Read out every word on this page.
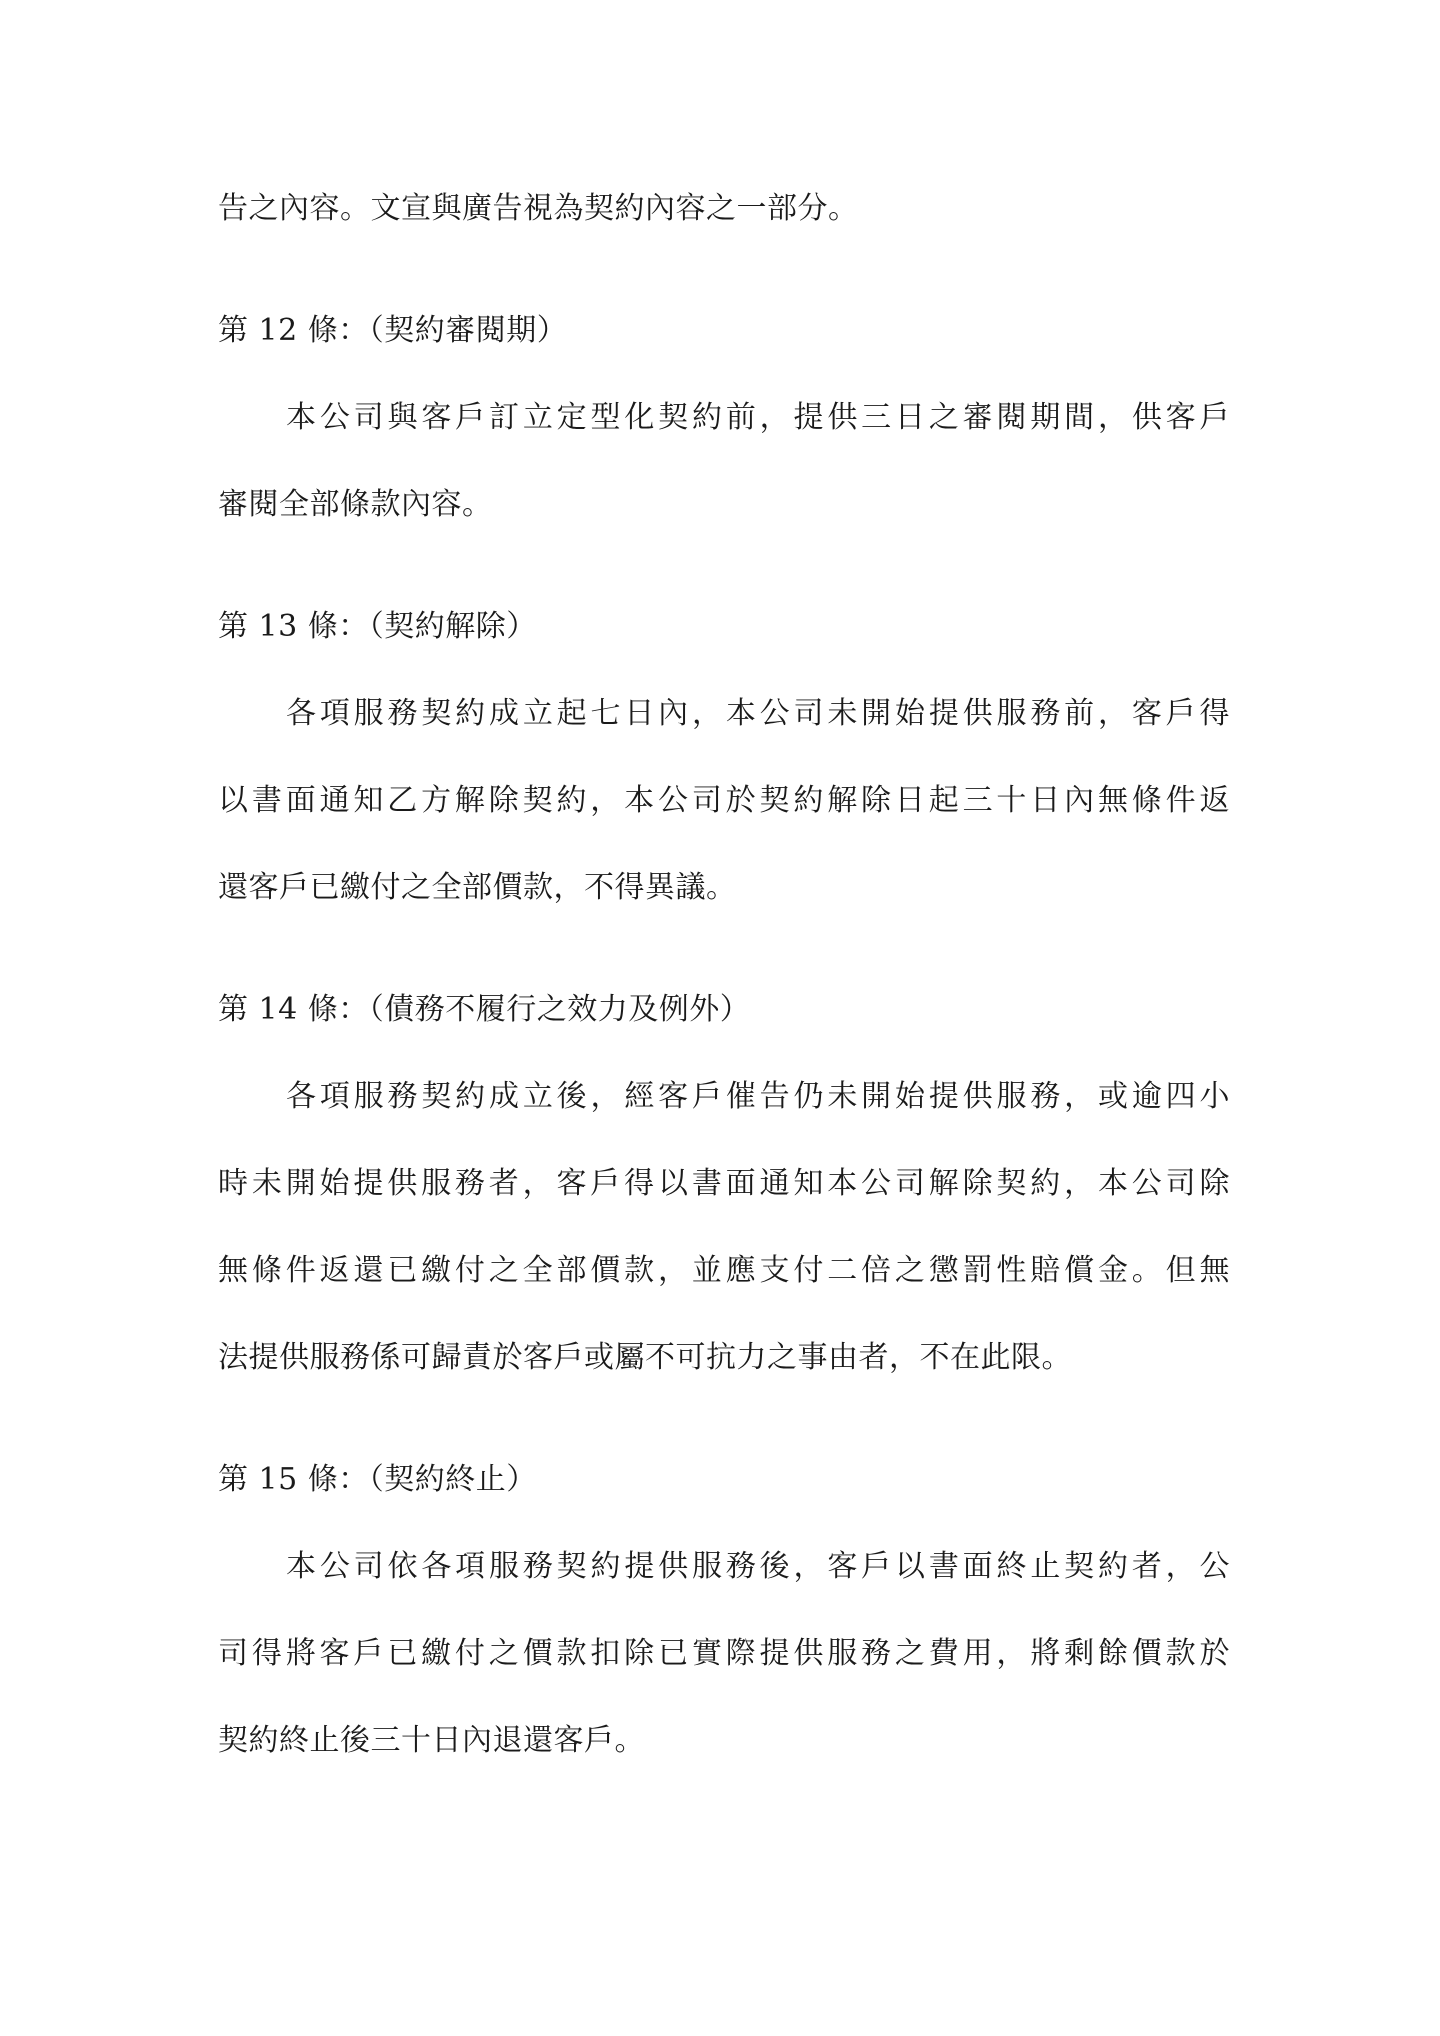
告之內容。文宣與廣告視為契約內容之一部分。

第 12 條：（契約審閱期）

本公司與客戶訂立定型化契約前，提供三日之審閱期間，供客戶

審閱全部條款內容。

第 13 條：（契約解除）

各項服務契約成立起七日內，本公司未開始提供服務前，客戶得

以書面通知乙方解除契約，本公司於契約解除日起三十日內無條件返

還客戶已繳付之全部價款，不得異議。

第 14 條：（債務不履行之效力及例外）

各項服務契約成立後，經客戶催告仍未開始提供服務，或逾四小

時未開始提供服務者，客戶得以書面通知本公司解除契約，本公司除

無條件返還已繳付之全部價款，並應支付二倍之懲罰性賠償金。但無

法提供服務係可歸責於客戶或屬不可抗力之事由者，不在此限。

第 15 條：（契約終止）

本公司依各項服務契約提供服務後，客戶以書面終止契約者，公

司得將客戶已繳付之價款扣除已實際提供服務之費用，將剩餘價款於

契約終止後三十日內退還客戶。
